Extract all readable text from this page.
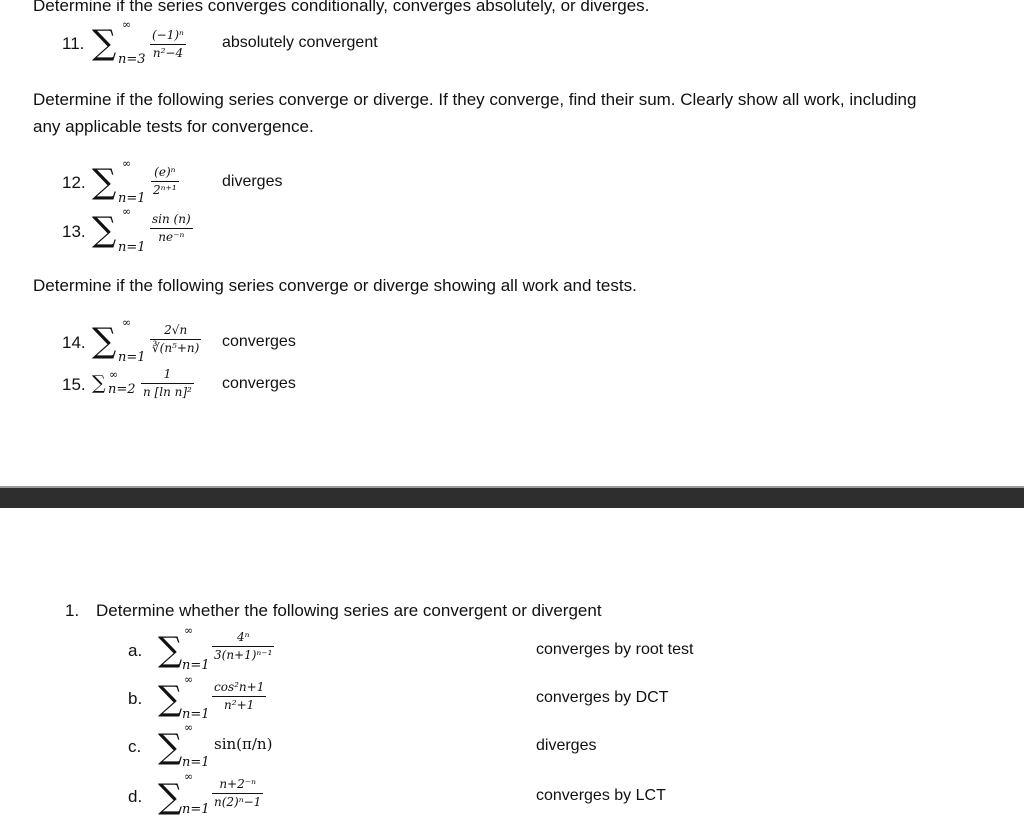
Determine if the series converges conditionally, converges absolutely, or diverges.
11. ∑ ∞
n=3
(−1)ⁿ
n²−4
absolutely convergent
Determine if the following series converge or diverge. If they converge, find their sum. Clearly show all work, including
any applicable tests for convergence.
12. ∑ ∞
n=1
(e)ⁿ
2ⁿ⁺¹	diverges
13. ∑ ∞
n=1
sin (n)
ne⁻ⁿ
Determine if the following series converge or diverge showing all work and tests.
14. ∑ ∞
n=1
2√n
∛(n⁵+n) converges
15. ∑ ∞
n=2
1
n [ln n]² converges
1. Determine whether the following series are convergent or divergent
a. ∑ ∞
n=1
4ⁿ
3(n+1)ⁿ⁻¹	converges by root test
b. ∑ ∞
n=1
cos²n+1
n²+1	converges by DCT
c. ∑ ∞
n=1
sin(π/n)	diverges
d. ∑
∞
n=1
n+2⁻ⁿ
n(2)ⁿ−1	converges by LCT
